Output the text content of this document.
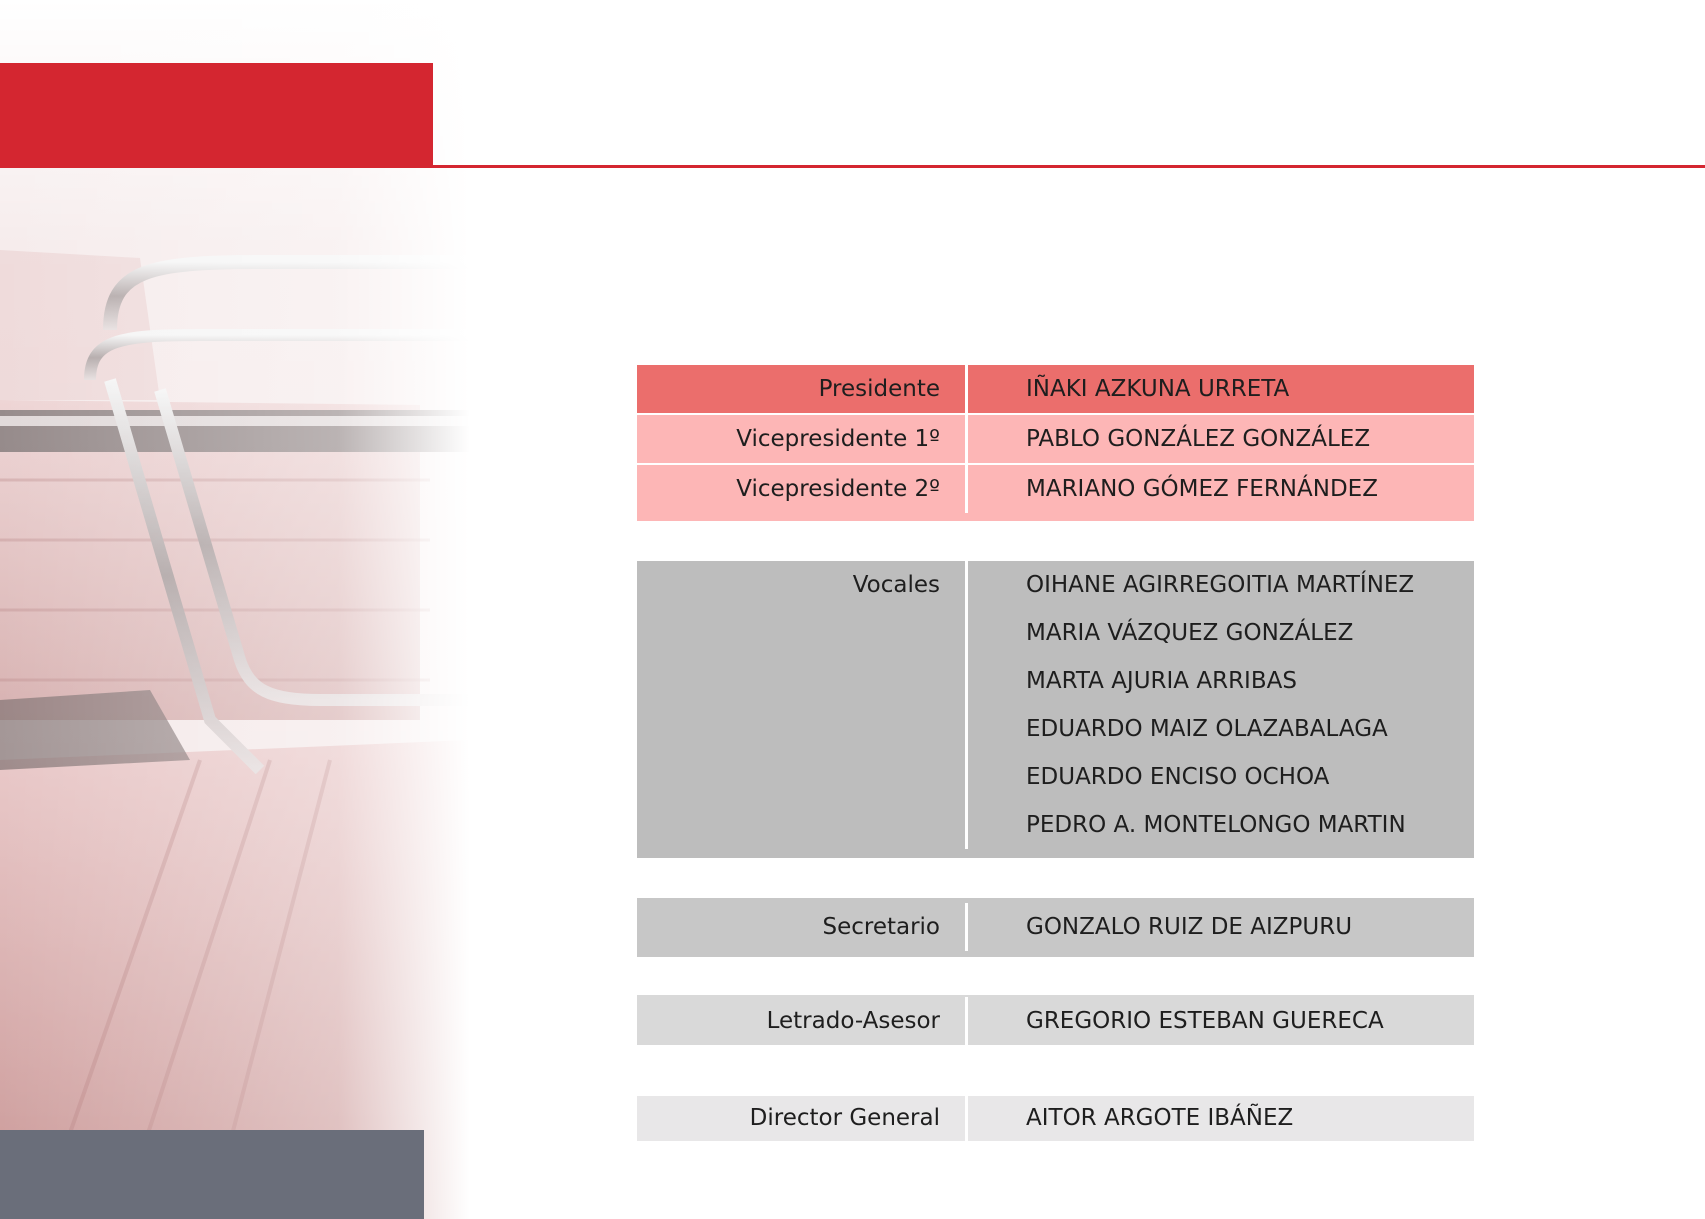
Presidente	IÑAKI AZKUNA URRETA
Vicepresidente 1º	PABLO GONZÁLEZ GONZÁLEZ
Vicepresidente 2º	MARIANO GÓMEZ FERNÁNDEZ
Vocales	OIHANE AGIRREGOITIA MARTÍNEZ
MARIA VÁZQUEZ GONZÁLEZ
MARTA AJURIA ARRIBAS
EDUARDO MAIZ OLAZABALAGA
EDUARDO ENCISO OCHOA
PEDRO A. MONTELONGO MARTIN
Secretario	GONZALO RUIZ DE AIZPURU
Letrado-Asesor	GREGORIO ESTEBAN GUERECA
Director General	AITOR ARGOTE IBÁÑEZ
